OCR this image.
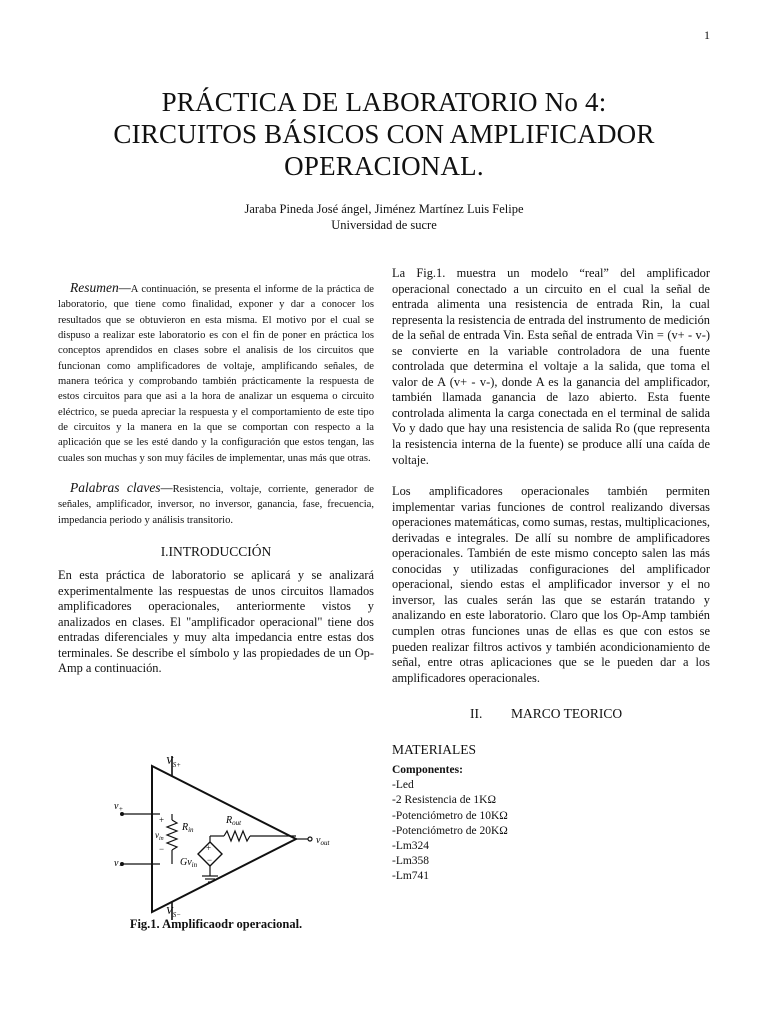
1
PRÁCTICA DE LABORATORIO No 4:
CIRCUITOS BÁSICOS CON AMPLIFICADOR
OPERACIONAL.
Jaraba Pineda José ángel, Jiménez Martínez Luis Felipe
Universidad de sucre

Resumen—A continuación, se presenta el informe de la práctica de laboratorio, que tiene como finalidad, exponer y dar a conocer los resultados que se obtuvieron en esta misma. El motivo por el cual se dispuso a realizar este laboratorio es con el fin de poner en práctica los conceptos aprendidos en clases sobre el analisis de los circuitos que funcionan como amplificadores de voltaje, amplificando señales, de manera teórica y comprobando también prácticamente la respuesta de estos circuitos para que asi a la hora de analizar un esquema o circuito eléctrico, se pueda apreciar la respuesta y el comportamiento de este tipo de circuitos y la manera en la que se comportan con respecto a la aplicación que se les esté dando y la configuración que estos tengan, las cuales son muchas y son muy fáciles de implementar, unas más que otras.

Palabras claves—Resistencia, voltaje, corriente, generador de señales, amplificador, inversor, no inversor, ganancia, fase, frecuencia, impedancia periodo y análisis transitorio.

I.INTRODUCCIÓN

En esta práctica de laboratorio se aplicará y se analizará experimentalmente las respuestas de unos circuitos llamados amplificadores operacionales, anteriormente vistos y analizados en clases. El "amplificador operacional" tiene dos entradas diferenciales y muy alta impedancia entre estas dos terminales. Se describe el símbolo y las propiedades de un Op-Amp a continuación.

$V_{S+}$
$V_{S-}$
$v_+$
$v_-$
+
−
$v_{in}$
$R_{in}$
+
−
$Gv_{in}$
$R_{out}$
$v_{out}$
Fig.1. Amplificaodr operacional.

La Fig.1. muestra un modelo “real” del amplificador operacional conectado a un circuito en el cual la señal de entrada alimenta una resistencia de entrada Rin, la cual representa la resistencia de entrada del instrumento de medición de la señal de entrada Vin. Esta señal de entrada Vin = (v+ - v-) se convierte en la variable controladora de una fuente controlada que determina el voltaje a la salida, que toma el valor de A (v+ - v-), donde A es la ganancia del amplificador, también llamada ganancia de lazo abierto. Esta fuente controlada alimenta la carga conectada en el terminal de salida Vo y dado que hay una resistencia de salida Ro (que representa la resistencia interna de la fuente) se produce allí una caída de voltaje.

Los amplificadores operacionales también permiten implementar varias funciones de control realizando diversas operaciones matemáticas, como sumas, restas, multiplicaciones, derivadas e integrales. De allí su nombre de amplificadores operacionales. También de este mismo concepto salen las más conocidas y utilizadas configuraciones del amplificador operacional, siendo estas el amplificador inversor y el no inversor, las cuales serán las que se estarán tratando y analizando en este laboratorio. Claro que los Op-Amp también cumplen otras funciones unas de ellas es que con estos se pueden realizar filtros activos y también acondicionamiento de señal, entre otras aplicaciones que se le pueden dar a los amplificadores operacionales.

II. MARCO TEORICO
MATERIALES
Componentes:
-Led
-2 Resistencia de 1KΩ
-Potenciómetro de 10KΩ
-Potenciómetro de 20KΩ
-Lm324
-Lm358
-Lm741
